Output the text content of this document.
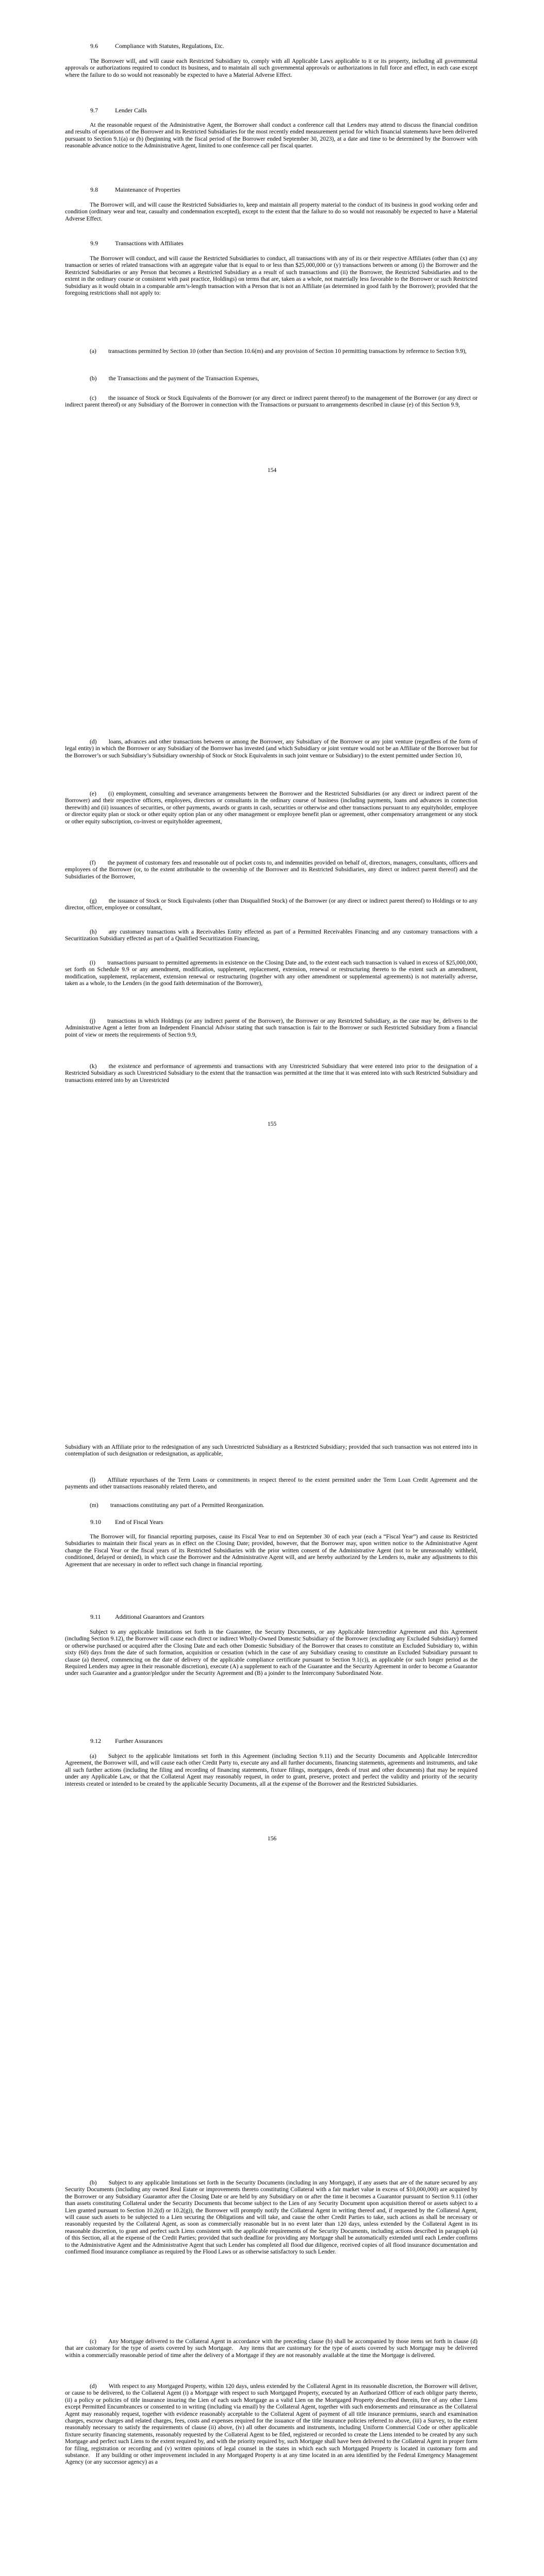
9.6	Compliance with Statutes, Regulations, Etc.

The Borrower will, and will cause each Restricted Subsidiary to, comply with all Applicable Laws applicable to it or its property, including all governmental approvals or authorizations required to conduct its business, and to maintain all such governmental approvals or authorizations in full force and effect, in each case except where the failure to do so would not reasonably be expected to have a Material Adverse Effect.

9.7	Lender Calls

At the reasonable request of the Administrative Agent, the Borrower shall conduct a conference call that Lenders may attend to discuss the financial condition and results of operations of the Borrower and its Restricted Subsidiaries for the most recently ended measurement period for which financial statements have been delivered pursuant to Section 9.1(a) or (b) (beginning with the fiscal period of the Borrower ended September 30, 2023), at a date and time to be determined by the Borrower with reasonable advance notice to the Administrative Agent, limited to one conference call per fiscal quarter.

9.8	Maintenance of Properties

The Borrower will, and will cause the Restricted Subsidiaries to, keep and maintain all property material to the conduct of its business in good working order and condition (ordinary wear and tear, casualty and condemnation excepted), except to the extent that the failure to do so would not reasonably be expected to have a Material Adverse Effect.

9.9	Transactions with Affiliates

The Borrower will conduct, and will cause the Restricted Subsidiaries to conduct, all transactions with any of its or their respective Affiliates (other than (x) any transaction or series of related transactions with an aggregate value that is equal to or less than $25,000,000 or (y) transactions between or among (i) the Borrower and the Restricted Subsidiaries or any Person that becomes a Restricted Subsidiary as a result of such transactions and (ii) the Borrower, the Restricted Subsidiaries and to the extent in the ordinary course or consistent with past practice, Holdings) on terms that are, taken as a whole, not materially less favorable to the Borrower or such Restricted Subsidiary as it would obtain in a comparable arm’s-length transaction with a Person that is not an Affiliate (as determined in good faith by the Borrower); provided that the foregoing restrictions shall not apply to:

(a)  transactions permitted by Section 10 (other than Section 10.6(m) and any provision of Section 10 permitting transactions by reference to Section 9.9),

(b)  the Transactions and the payment of the Transaction Expenses,

(c)  the issuance of Stock or Stock Equivalents of the Borrower (or any direct or indirect parent thereof) to the management of the Borrower (or any direct or indirect parent thereof) or any Subsidiary of the Borrower in connection with the Transactions or pursuant to arrangements described in clause (e) of this Section 9.9,

154

(d)  loans, advances and other transactions between or among the Borrower, any Subsidiary of the Borrower or any joint venture (regardless of the form of legal entity) in which the Borrower or any Subsidiary of the Borrower has invested (and which Subsidiary or joint venture would not be an Affiliate of the Borrower but for the Borrower’s or such Subsidiary’s Subsidiary ownership of Stock or Stock Equivalents in such joint venture or Subsidiary) to the extent permitted under Section 10,

(e)  (i) employment, consulting and severance arrangements between the Borrower and the Restricted Subsidiaries (or any direct or indirect parent of the Borrower) and their respective officers, employees, directors or consultants in the ordinary course of business (including payments, loans and advances in connection therewith) and (ii) issuances of securities, or other payments, awards or grants in cash, securities or otherwise and other transactions pursuant to any equityholder, employee or director equity plan or stock or other equity option plan or any other management or employee benefit plan or agreement, other compensatory arrangement or any stock or other equity subscription, co-invest or equityholder agreement,

(f)  the payment of customary fees and reasonable out of pocket costs to, and indemnities provided on behalf of, directors, managers, consultants, officers and employees of the Borrower (or, to the extent attributable to the ownership of the Borrower and its Restricted Subsidiaries, any direct or indirect parent thereof) and the Subsidiaries of the Borrower,

(g)  the issuance of Stock or Stock Equivalents (other than Disqualified Stock) of the Borrower (or any direct or indirect parent thereof) to Holdings or to any director, officer, employee or consultant,

(h)  any customary transactions with a Receivables Entity effected as part of a Permitted Receivables Financing and any customary transactions with a Securitization Subsidiary effected as part of a Qualified Securitization Financing,

(i)  transactions pursuant to permitted agreements in existence on the Closing Date and, to the extent each such transaction is valued in excess of $25,000,000, set forth on Schedule 9.9 or any amendment, modification, supplement, replacement, extension, renewal or restructuring thereto to the extent such an amendment, modification, supplement, replacement, extension renewal or restructuring (together with any other amendment or supplemental agreements) is not materially adverse, taken as a whole, to the Lenders (in the good faith determination of the Borrower),

(j)  transactions in which Holdings (or any indirect parent of the Borrower), the Borrower or any Restricted Subsidiary, as the case may be, delivers to the Administrative Agent a letter from an Independent Financial Advisor stating that such transaction is fair to the Borrower or such Restricted Subsidiary from a financial point of view or meets the requirements of Section 9.9,

(k)  the existence and performance of agreements and transactions with any Unrestricted Subsidiary that were entered into prior to the designation of a Restricted Subsidiary as such Unrestricted Subsidiary to the extent that the transaction was permitted at the time that it was entered into with such Restricted Subsidiary and transactions entered into by an Unrestricted

155

Subsidiary with an Affiliate prior to the redesignation of any such Unrestricted Subsidiary as a Restricted Subsidiary; provided that such transaction was not entered into in contemplation of such designation or redesignation, as applicable,

(l)  Affiliate repurchases of the Term Loans or commitments in respect thereof to the extent permitted under the Term Loan Credit Agreement and the payments and other transactions reasonably related thereto, and

(m)  transactions constituting any part of a Permitted Reorganization.

9.10 End of Fiscal Years

The Borrower will, for financial reporting purposes, cause its Fiscal Year to end on September 30 of each year (each a “Fiscal Year”) and cause its Restricted Subsidiaries to maintain their fiscal years as in effect on the Closing Date; provided, however, that the Borrower may, upon written notice to the Administrative Agent change the Fiscal Year or the fiscal years of its Restricted Subsidiaries with the prior written consent of the Administrative Agent (not to be unreasonably withheld, conditioned, delayed or denied), in which case the Borrower and the Administrative Agent will, and are hereby authorized by the Lenders to, make any adjustments to this Agreement that are necessary in order to reflect such change in financial reporting.

9.11 Additional Guarantors and Grantors

Subject to any applicable limitations set forth in the Guarantee, the Security Documents, or any Applicable Intercreditor Agreement and this Agreement (including Section 9.12), the Borrower will cause each direct or indirect Wholly-Owned Domestic Subsidiary of the Borrower (excluding any Excluded Subsidiary) formed or otherwise purchased or acquired after the Closing Date and each other Domestic Subsidiary of the Borrower that ceases to constitute an Excluded Subsidiary to, within sixty (60) days from the date of such formation, acquisition or cessation (which in the case of any Subsidiary ceasing to constitute an Excluded Subsidiary pursuant to clause (a) thereof, commencing on the date of delivery of the applicable compliance certificate pursuant to Section 9.1(c)), as applicable (or such longer period as the Required Lenders may agree in their reasonable discretion), execute (A) a supplement to each of the Guarantee and the Security Agreement in order to become a Guarantor under such Guarantee and a grantor/pledgor under the Security Agreement and (B) a joinder to the Intercompany Subordinated Note.

9.12 Further Assurances

(a)  Subject to the applicable limitations set forth in this Agreement (including Section 9.11) and the Security Documents and Applicable Intercreditor Agreement, the Borrower will, and will cause each other Credit Party to, execute any and all further documents, financing statements, agreements and instruments, and take all such further actions (including the filing and recording of financing statements, fixture filings, mortgages, deeds of trust and other documents) that may be required under any Applicable Law, or that the Collateral Agent may reasonably request, in order to grant, preserve, protect and perfect the validity and priority of the security interests created or intended to be created by the applicable Security Documents, all at the expense of the Borrower and the Restricted Subsidiaries.

156

(b)  Subject to any applicable limitations set forth in the Security Documents (including in any Mortgage), if any assets that are of the nature secured by any Security Documents (including any owned Real Estate or improvements thereto constituting Collateral with a fair market value in excess of $10,000,000) are acquired by the Borrower or any Subsidiary Guarantor after the Closing Date or are held by any Subsidiary on or after the time it becomes a Guarantor pursuant to Section 9.11 (other than assets constituting Collateral under the Security Documents that become subject to the Lien of any Security Document upon acquisition thereof or assets subject to a Lien granted pursuant to Section 10.2(d) or 10.2(g)), the Borrower will promptly notify the Collateral Agent in writing thereof and, if requested by the Collateral Agent, will cause such assets to be subjected to a Lien securing the Obligations and will take, and cause the other Credit Parties to take, such actions as shall be necessary or reasonably requested by the Collateral Agent, as soon as commercially reasonable but in no event later than 120 days, unless extended by the Collateral Agent in its reasonable discretion, to grant and perfect such Liens consistent with the applicable requirements of the Security Documents, including actions described in paragraph (a) of this Section, all at the expense of the Credit Parties; provided that such deadline for providing any Mortgage shall be automatically extended until each Lender confirms to the Administrative Agent and the Administrative Agent that such Lender has completed all flood due diligence, received copies of all flood insurance documentation and confirmed flood insurance compliance as required by the Flood Laws or as otherwise satisfactory to such Lender.

(c)  Any Mortgage delivered to the Collateral Agent in accordance with the preceding clause (b) shall be accompanied by those items set forth in clause (d) that are customary for the type of assets covered by such Mortgage. Any items that are customary for the type of assets covered by such Mortgage may be delivered within a commercially reasonable period of time after the delivery of a Mortgage if they are not reasonably available at the time the Mortgage is delivered.

(d)  With respect to any Mortgaged Property, within 120 days, unless extended by the Collateral Agent in its reasonable discretion, the Borrower will deliver, or cause to be delivered, to the Collateral Agent (i) a Mortgage with respect to such Mortgaged Property, executed by an Authorized Officer of each obligor party thereto, (ii) a policy or policies of title insurance insuring the Lien of each such Mortgage as a valid Lien on the Mortgaged Property described therein, free of any other Liens except Permitted Encumbrances or consented to in writing (including via email) by the Collateral Agent, together with such endorsements and reinsurance as the Collateral Agent may reasonably request, together with evidence reasonably acceptable to the Collateral Agent of payment of all title insurance premiums, search and examination charges, escrow charges and related charges, fees, costs and expenses required for the issuance of the title insurance policies referred to above, (iii) a Survey, to the extent reasonably necessary to satisfy the requirements of clause (ii) above, (iv) all other documents and instruments, including Uniform Commercial Code or other applicable fixture security financing statements, reasonably requested by the Collateral Agent to be filed, registered or recorded to create the Liens intended to be created by any such Mortgage and perfect such Liens to the extent required by, and with the priority required by, such Mortgage shall have been delivered to the Collateral Agent in proper form for filing, registration or recording and (v) written opinions of legal counsel in the states in which each such Mortgaged Property is located in customary form and substance. If any building or other improvement included in any Mortgaged Property is at any time located in an area identified by the Federal Emergency Management Agency (or any successor agency) as a
